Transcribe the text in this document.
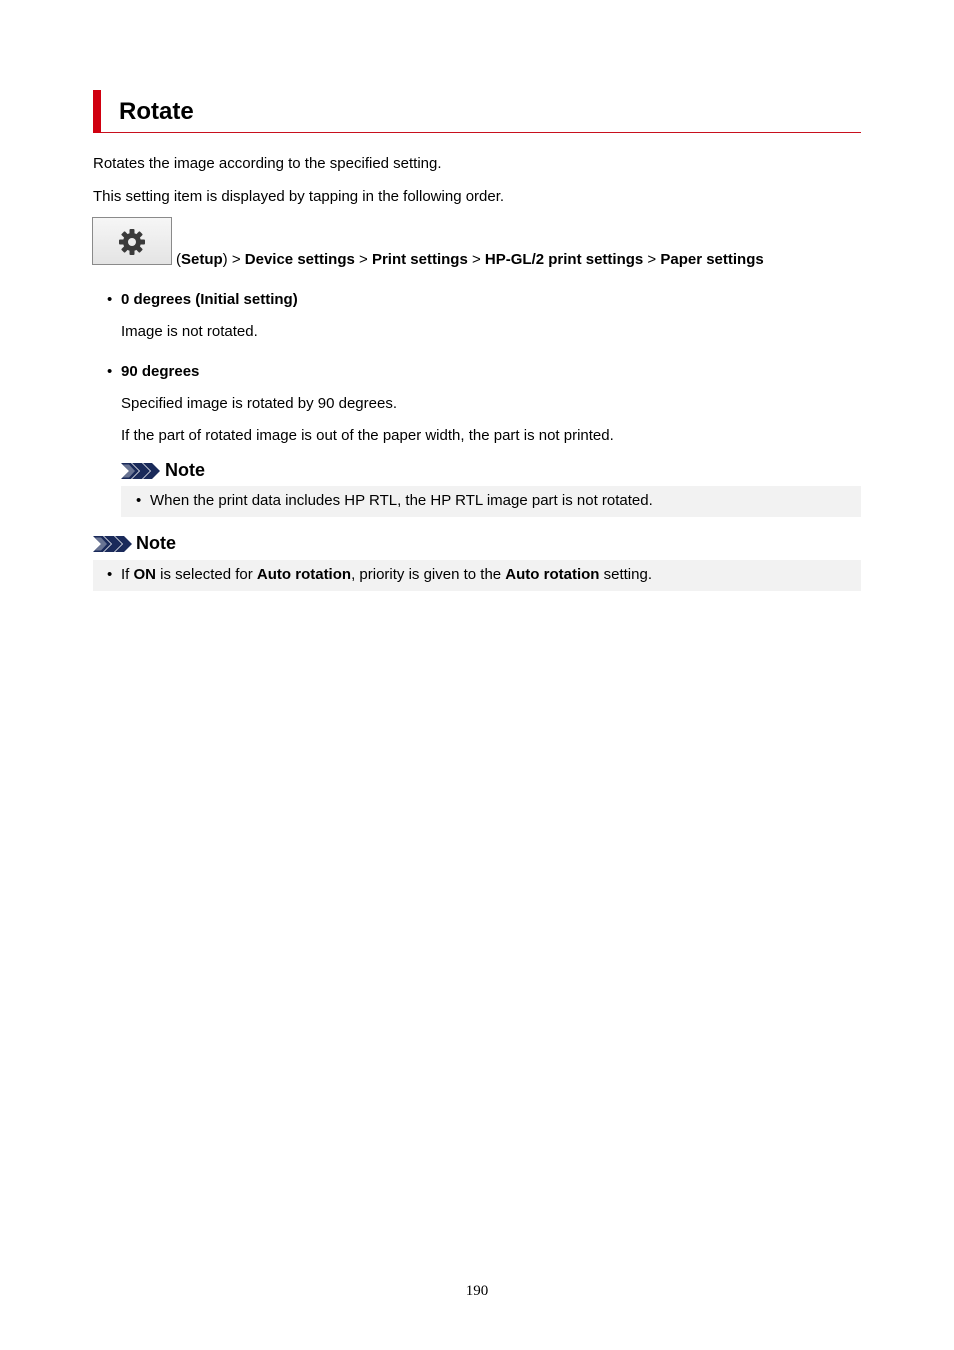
Rotate
Rotates the image according to the specified setting.
This setting item is displayed by tapping in the following order.
(Setup) > Device settings > Print settings > HP-GL/2 print settings > Paper settings
• 0 degrees (Initial setting)
Image is not rotated.
• 90 degrees
Specified image is rotated by 90 degrees.
If the part of rotated image is out of the paper width, the part is not printed.
Note
• When the print data includes HP RTL, the HP RTL image part is not rotated.
Note
• If ON is selected for Auto rotation, priority is given to the Auto rotation setting.
190
